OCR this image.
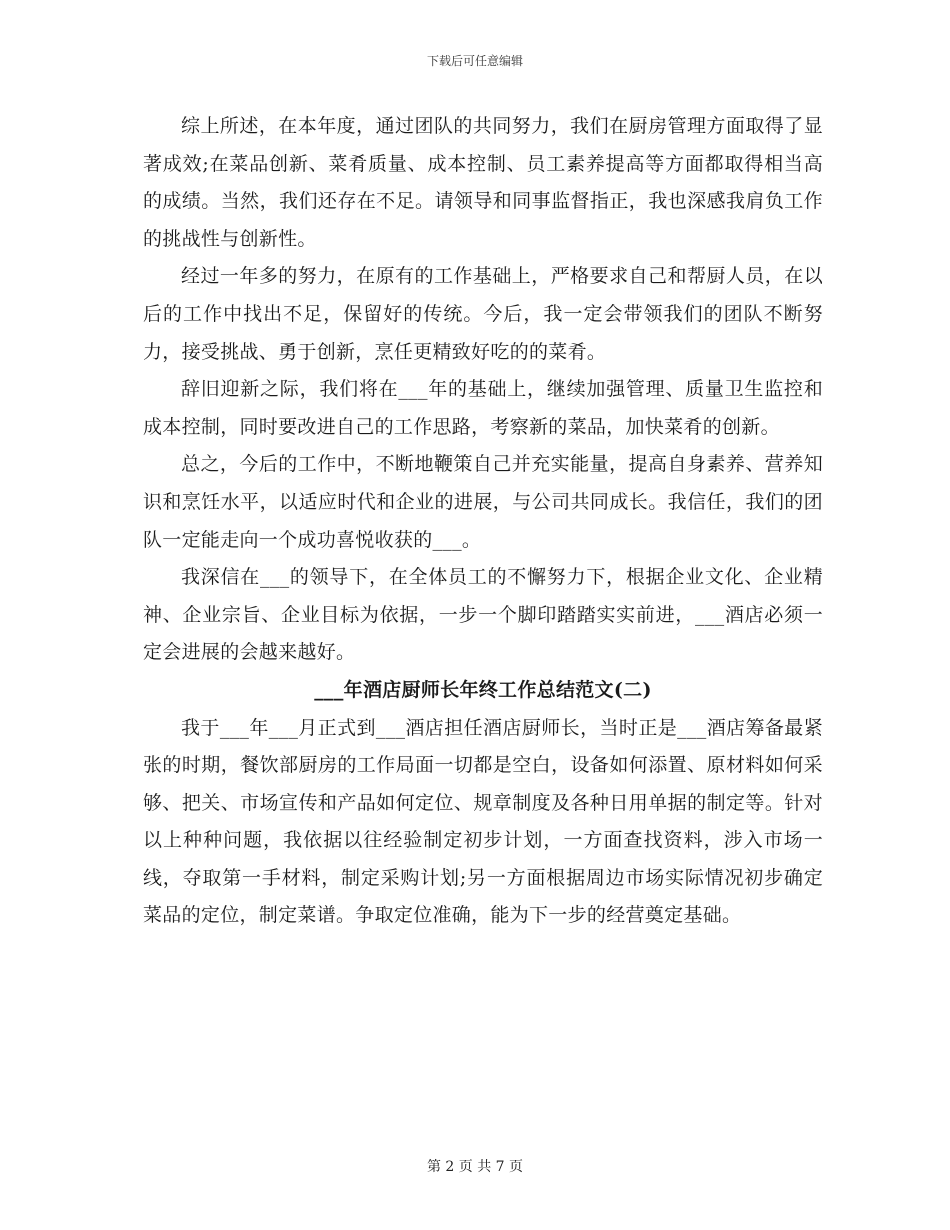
下载后可任意编辑

综上所述，在本年度，通过团队的共同努力，我们在厨房管理方面取得了显著成效;在菜品创新、菜肴质量、成本控制、员工素养提高等方面都取得相当高的成绩。当然，我们还存在不足。请领导和同事监督指正，我也深感我肩负工作的挑战性与创新性。

经过一年多的努力，在原有的工作基础上，严格要求自己和帮厨人员，在以后的工作中找出不足，保留好的传统。今后，我一定会带领我们的团队不断努力，接受挑战、勇于创新，烹任更精致好吃的的菜肴。

辞旧迎新之际，我们将在___年的基础上，继续加强管理、质量卫生监控和成本控制，同时要改进自己的工作思路，考察新的菜品，加快菜肴的创新。

总之，今后的工作中，不断地鞭策自己并充实能量，提高自身素养、营养知识和烹饪水平，以适应时代和企业的进展，与公司共同成长。我信任，我们的团队一定能走向一个成功喜悦收获的___。

我深信在___的领导下，在全体员工的不懈努力下，根据企业文化、企业精神、企业宗旨、企业目标为依据，一步一个脚印踏踏实实前进，___酒店必须一定会进展的会越来越好。

___年酒店厨师长年终工作总结范文(二)

我于___年___月正式到___酒店担任酒店厨师长，当时正是___酒店筹备最紧张的时期，餐饮部厨房的工作局面一切都是空白，设备如何添置、原材料如何采够、把关、市场宣传和产品如何定位、规章制度及各种日用单据的制定等。针对以上种种问题，我依据以往经验制定初步计划，一方面查找资料，涉入市场一线，夺取第一手材料，制定采购计划;另一方面根据周边市场实际情况初步确定菜品的定位，制定菜谱。争取定位准确，能为下一步的经营奠定基础。

第 2 页 共 7 页
